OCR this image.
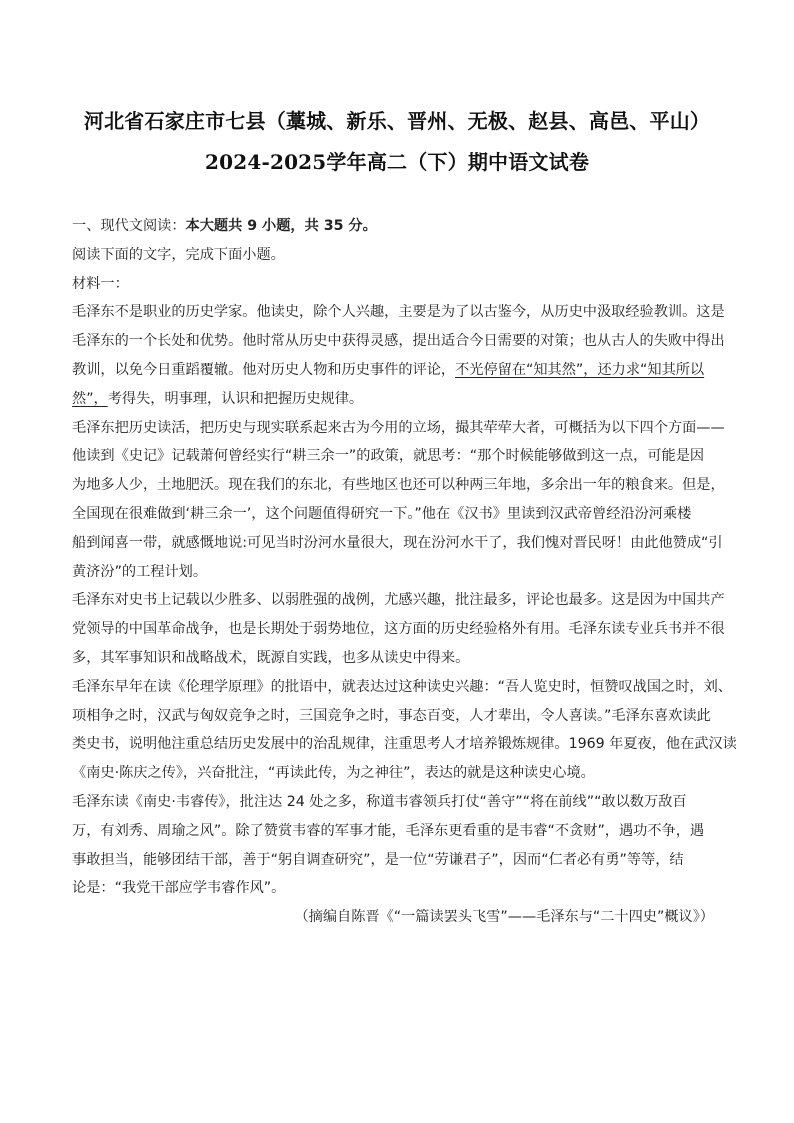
河北省石家庄市七县（藁城、新乐、晋州、无极、赵县、高邑、平山）
2024-2025学年高二（下）期中语文试卷
一、现代文阅读：本大题共 9 小题，共 35 分。
阅读下面的文字，完成下面小题。
材料一：
毛泽东不是职业的历史学家。他读史，除个人兴趣，主要是为了以古鉴今，从历史中汲取经验教训。这是
毛泽东的一个长处和优势。他时常从历史中获得灵感，提出适合今日需要的对策；也从古人的失败中得出
教训，以免今日重蹈覆辙。他对历史人物和历史事件的评论，不光停留在“知其然”，还力求“知其所以
然”，考得失，明事理，认识和把握历史规律。
毛泽东把历史读活，把历史与现实联系起来古为今用的立场，撮其荦荦大者，可概括为以下四个方面——
他读到《史记》记载萧何曾经实行“耕三余一”的政策，就思考：“那个时候能够做到这一点，可能是因
为地多人少，土地肥沃。现在我们的东北，有些地区也还可以种两三年地，多余出一年的粮食来。但是，
全国现在很难做到‘耕三余一’，这个问题值得研究一下。”他在《汉书》里读到汉武帝曾经沿汾河乘楼
船到闻喜一带，就感慨地说:可见当时汾河水量很大，现在汾河水干了，我们愧对晋民呀！由此他赞成“引
黄济汾”的工程计划。
毛泽东对史书上记载以少胜多、以弱胜强的战例，尤感兴趣，批注最多，评论也最多。这是因为中国共产
党领导的中国革命战争，也是长期处于弱势地位，这方面的历史经验格外有用。毛泽东读专业兵书并不很
多，其军事知识和战略战术，既源自实践，也多从读史中得来。
毛泽东早年在读《伦理学原理》的批语中，就表达过这种读史兴趣：“吾人览史时，恒赞叹战国之时，刘、
项相争之时，汉武与匈奴竞争之时，三国竞争之时，事态百变，人才辈出，令人喜读。”毛泽东喜欢读此
类史书，说明他注重总结历史发展中的治乱规律，注重思考人才培养锻炼规律。1969 年夏夜，他在武汉读
《南史·陈庆之传》，兴奋批注，“再读此传，为之神往”，表达的就是这种读史心境。
毛泽东读《南史·韦睿传》，批注达 24 处之多，称道韦睿领兵打仗“善守”“将在前线”“敢以数万敌百
万，有刘秀、周瑜之风”。除了赞赏韦睿的军事才能，毛泽东更看重的是韦睿“不贪财”，遇功不争，遇
事敢担当，能够团结干部，善于“躬自调查研究”，是一位“劳谦君子”，因而“仁者必有勇”等等，结
论是：“我党干部应学韦睿作风”。
（摘编自陈晋《“一篇读罢头飞雪”——毛泽东与“二十四史”概议》）
